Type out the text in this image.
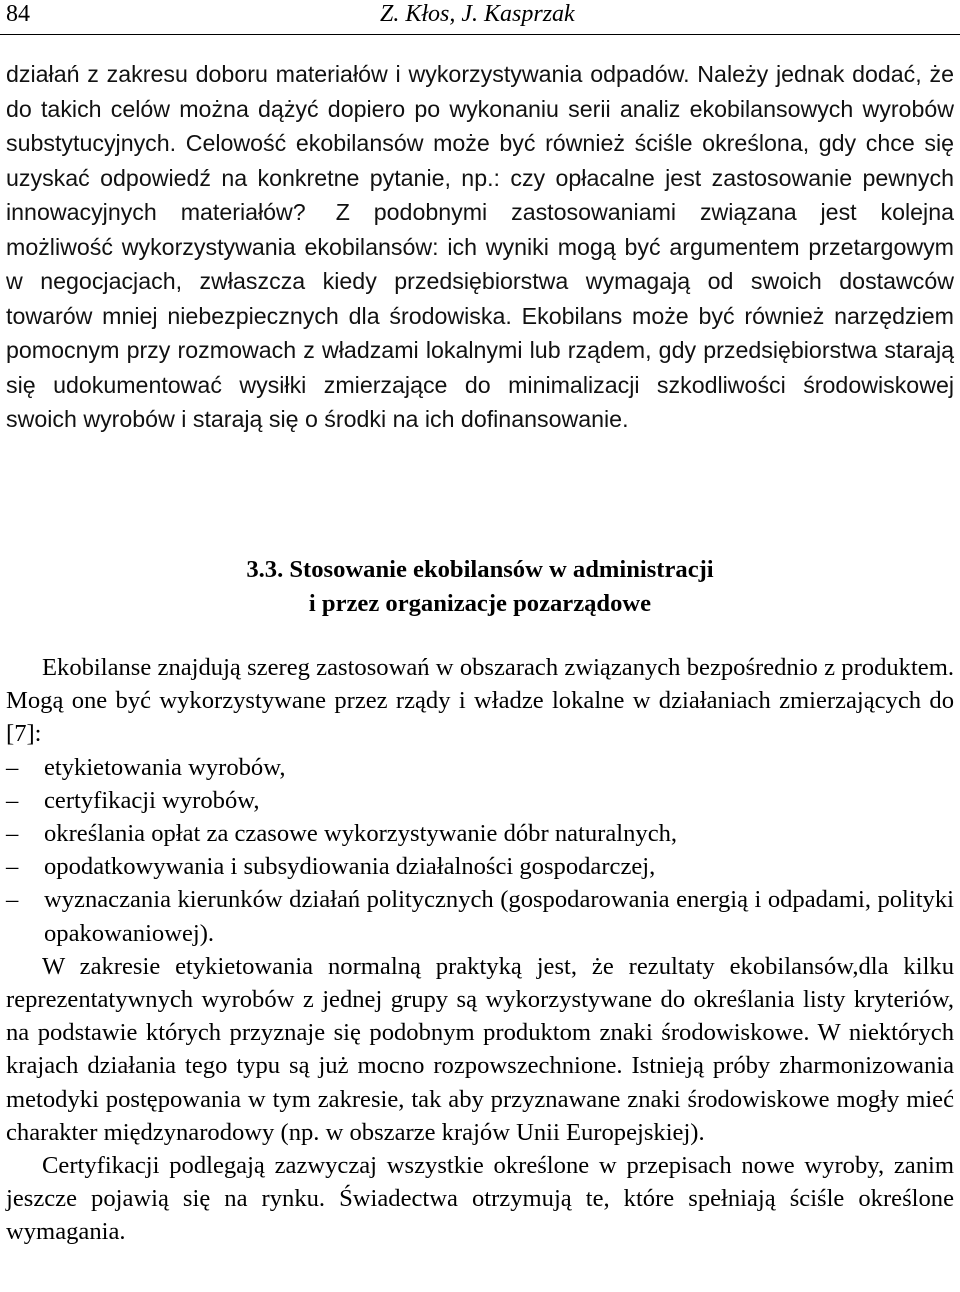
84	Z. Kłos, J. Kasprzak

działań z zakresu doboru materiałów i wykorzystywania odpadów. Należy jednak dodać, że do takich celów można dążyć dopiero po wykonaniu serii analiz ekobilansowych wyrobów substytucyjnych. Celowość ekobilansów może być również ściśle określona, gdy chce się uzyskać odpowiedź na konkretne pytanie, np.: czy opłacalne jest zastosowanie pewnych innowacyjnych materiałów? Z podobnymi zastosowaniami związana jest kolejna możliwość wykorzystywania ekobilansów: ich wyniki mogą być argumentem przetargowym w negocjacjach, zwłaszcza kiedy przedsiębiorstwa wymagają od swoich dostawców towarów mniej niebezpiecznych dla środowiska. Ekobilans może być również narzędziem pomocnym przy rozmowach z władzami lokalnymi lub rządem, gdy przedsiębiorstwa starają się udokumentować wysiłki zmierzające do minimalizacji szkodliwości środowiskowej swoich wyrobów i starają się o środki na ich dofinansowanie.

3.3. Stosowanie ekobilansów w administracji
i przez organizacje pozarządowe

Ekobilanse znajdują szereg zastosowań w obszarach związanych bezpośrednio z produktem. Mogą one być wykorzystywane przez rządy i władze lokalne w działaniach zmierzających do [7]:

–	etykietowania wyrobów,
–	certyfikacji wyrobów,
–	określania opłat za czasowe wykorzystywanie dóbr naturalnych,
–	opodatkowywania i subsydiowania działalności gospodarczej,
–	wyznaczania kierunków działań politycznych (gospodarowania energią i odpadami, polityki opakowaniowej).

W zakresie etykietowania normalną praktyką jest, że rezultaty ekobilansów,dla kilku reprezentatywnych wyrobów z jednej grupy są wykorzystywane do określania listy kryteriów, na podstawie których przyznaje się podobnym produktom znaki środowiskowe. W niektórych krajach działania tego typu są już mocno rozpowszechnione. Istnieją próby zharmonizowania metodyki postępowania w tym zakresie, tak aby przyznawane znaki środowiskowe mogły mieć charakter międzynarodowy (np. w obszarze krajów Unii Europejskiej).

Certyfikacji podlegają zazwyczaj wszystkie określone w przepisach nowe wyroby, zanim jeszcze pojawią się na rynku. Świadectwa otrzymują te, które spełniają ściśle określone wymagania.
